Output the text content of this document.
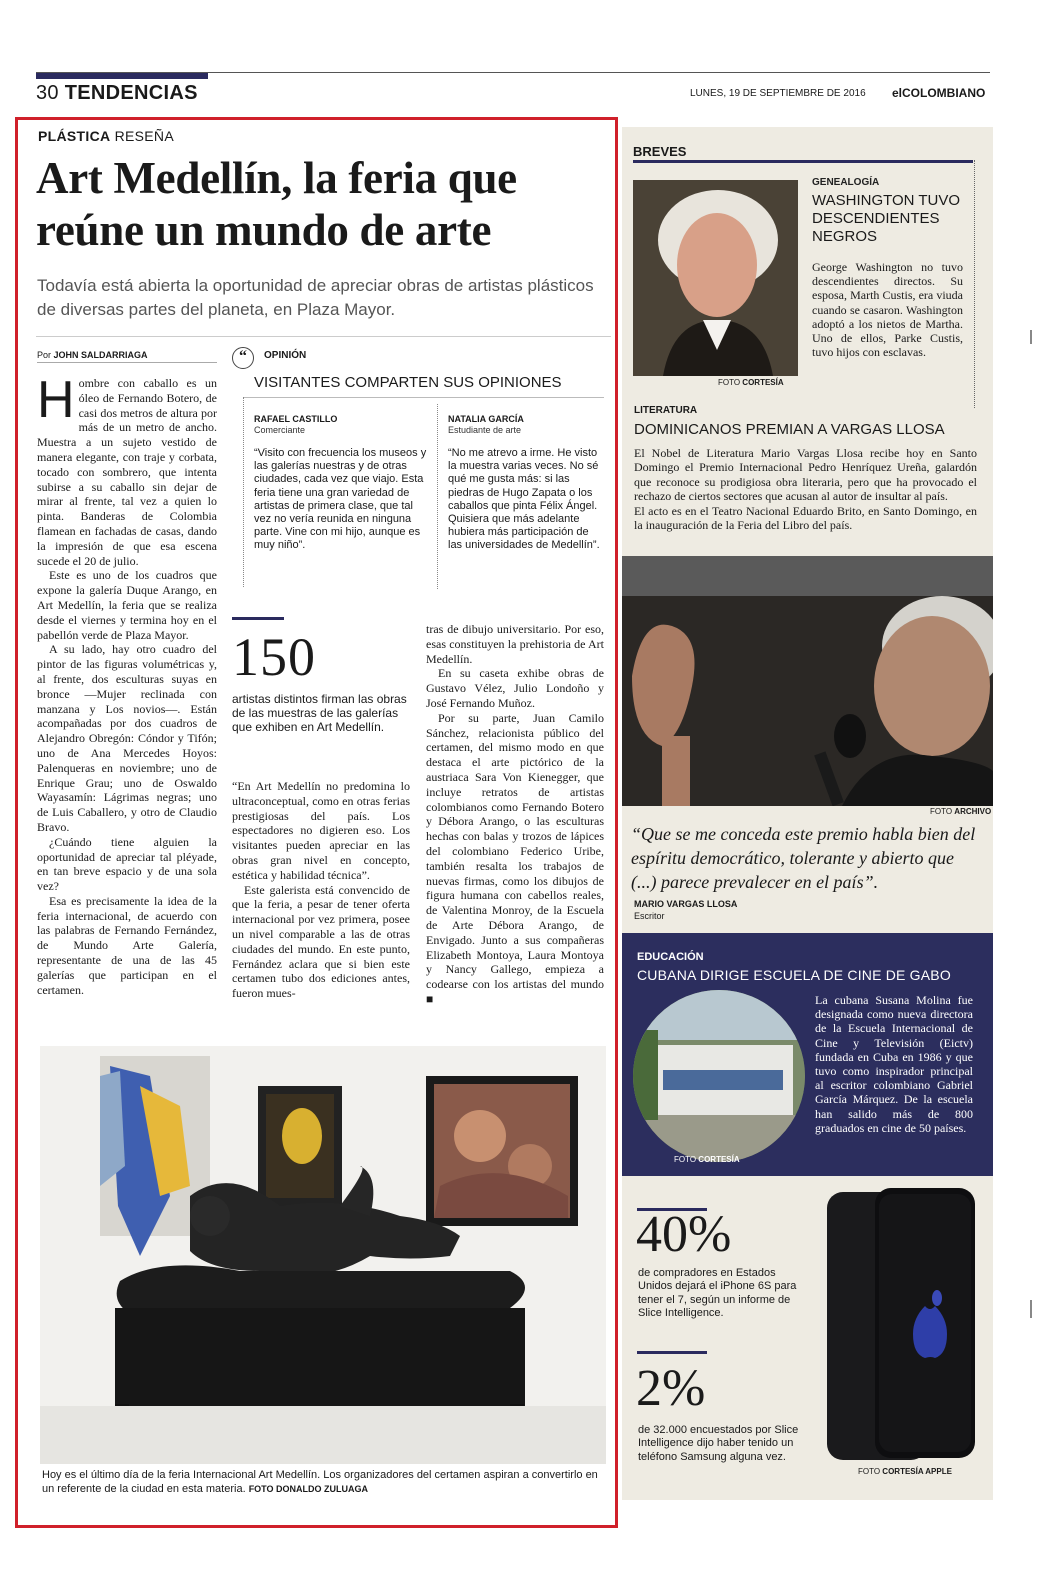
30 TENDENCIAS	LUNES, 19 DE SEPTIEMBRE DE 2016 elCOLOMBIANO
PLÁSTICA RESEÑA
Art Medellín, la feria que reúne un mundo de arte
Todavía está abierta la oportunidad de apreciar obras de artistas plásticos de diversas partes del planeta, en Plaza Mayor.
Por JOHN SALDARRIAGA

Hombre con caballo es un óleo de Fernando Botero, de casi dos metros de altura por más de un metro de ancho. Muestra a un sujeto vestido de manera elegante, con traje y corbata, tocado con sombrero, que intenta subirse a su caballo sin dejar de mirar al frente, tal vez a quien lo pinta. Banderas de Colombia flamean en fachadas de casas, dando la impresión de que esa escena sucede el 20 de julio.

Este es uno de los cuadros que expone la galería Duque Arango, en Art Medellín, la feria que se realiza desde el viernes y termina hoy en el pabellón verde de Plaza Mayor.

A su lado, hay otro cuadro del pintor de las figuras volumétricas y, al frente, dos esculturas suyas en bronce —Mujer reclinada con manzana y Los novios—. Están acompañadas por dos cuadros de Alejandro Obregón: Cóndor y Tifón; uno de Ana Mercedes Hoyos: Palenqueras en noviembre; uno de Enrique Grau; uno de Oswaldo Wayasamín: Lágrimas negras; uno de Luis Caballero, y otro de Claudio Bravo.

¿Cuándo tiene alguien la oportunidad de apreciar tal pléyade, en tan breve espacio y de una sola vez?

Esa es precisamente la idea de la feria internacional, de acuerdo con las palabras de Fernando Fernández, de Mundo Arte Galería, representante de una de las 45 galerías que participan en el certamen.

“	OPINIÓN
VISITANTES COMPARTEN SUS OPINIONES
RAFAEL CASTILLO
Comerciante
“Visito con frecuencia los museos y las galerías nuestras y de otras ciudades, cada vez que viajo. Esta feria tiene una gran variedad de artistas de primera clase, que tal vez no vería reunida en ninguna parte. Vine con mi hijo, aunque es muy niño”.
NATALIA GARCÍA
Estudiante de arte
“No me atrevo a irme. He visto la muestra varias veces. No sé qué me gusta más: si las piedras de Hugo Zapata o los caballos que pinta Félix Ángel. Quisiera que más adelante hubiera más participación de las universidades de Medellín”.
150
artistas distintos firman las obras de las muestras de las galerías que exhiben en Art Medellín.

“En Art Medellín no predomina lo ultraconceptual, como en otras ferias prestigiosas del país. Los espectadores no digieren eso. Los visitantes pueden apreciar en las obras gran nivel en concepto, estética y habilidad técnica”.

Este galerista está convencido de que la feria, a pesar de tener oferta internacional por vez primera, posee un nivel comparable a las de otras ciudades del mundo. En este punto, Fernández aclara que si bien este certamen tubo dos ediciones antes, fueron mues-

tras de dibujo universitario. Por eso, esas constituyen la prehistoria de Art Medellín.

En su caseta exhibe obras de Gustavo Vélez, Julio Londoño y José Fernando Muñoz.

Por su parte, Juan Camilo Sánchez, relacionista público del certamen, del mismo modo en que destaca el arte pictórico de la austriaca Sara Von Kienegger, que incluye retratos de artistas colombianos como Fernando Botero y Débora Arango, o las esculturas hechas con balas y trozos de lápices del colombiano Federico Uribe, también resalta los trabajos de nuevas firmas, como los dibujos de figura humana con cabellos reales, de Valentina Monroy, de la Escuela de Arte Débora Arango, de Envigado. Junto a sus compañeras Elizabeth Montoya, Laura Montoya y Nancy Gallego, empieza a codearse con los artistas del mundo ■

Hoy es el último día de la feria Internacional Art Medellín. Los organizadores del certamen aspiran a convertirlo en un referente de la ciudad en esta materia. FOTO DONALDO ZULUAGA
BREVES
FOTO CORTESÍA
GENEALOGÍA
WASHINGTON TUVO DESCENDIENTES NEGROS
George Washington no tuvo descendientes directos. Su esposa, Marth Custis, era viuda cuando se casaron. Washington adoptó a los nietos de Martha. Uno de ellos, Parke Custis, tuvo hijos con esclavas.
LITERATURA
DOMINICANOS PREMIAN A VARGAS LLOSA

El Nobel de Literatura Mario Vargas Llosa recibe hoy en Santo Domingo el Premio Internacional Pedro Henríquez Ureña, galardón que reconoce su prodigiosa obra literaria, pero que ha provocado el rechazo de ciertos sectores que acusan al autor de insultar al país.

El acto es en el Teatro Nacional Eduardo Brito, en Santo Domingo, en la inauguración de la Feria del Libro del país.

FOTO ARCHIVO
“Que se me conceda este premio habla bien del espíritu democrático, tolerante y abierto que (...) parece prevalecer en el país”.
MARIO VARGAS LLOSA
Escritor
EDUCACIÓN
CUBANA DIRIGE ESCUELA DE CINE DE GABO
FOTO CORTESÍA
La cubana Susana Molina fue designada como nueva directora de la Escuela Internacional de Cine y Televisión (Eictv) fundada en Cuba en 1986 y que tuvo como inspirador principal al escritor colombiano Gabriel García Márquez. De la escuela han salido más de 800 graduados en cine de 50 países.
40%
de compradores en Estados Unidos dejará el iPhone 6S para tener el 7, según un informe de Slice Intelligence.
2%
de 32.000 encuestados por Slice Intelligence dijo haber tenido un teléfono Samsung alguna vez.
FOTO CORTESÍA APPLE
